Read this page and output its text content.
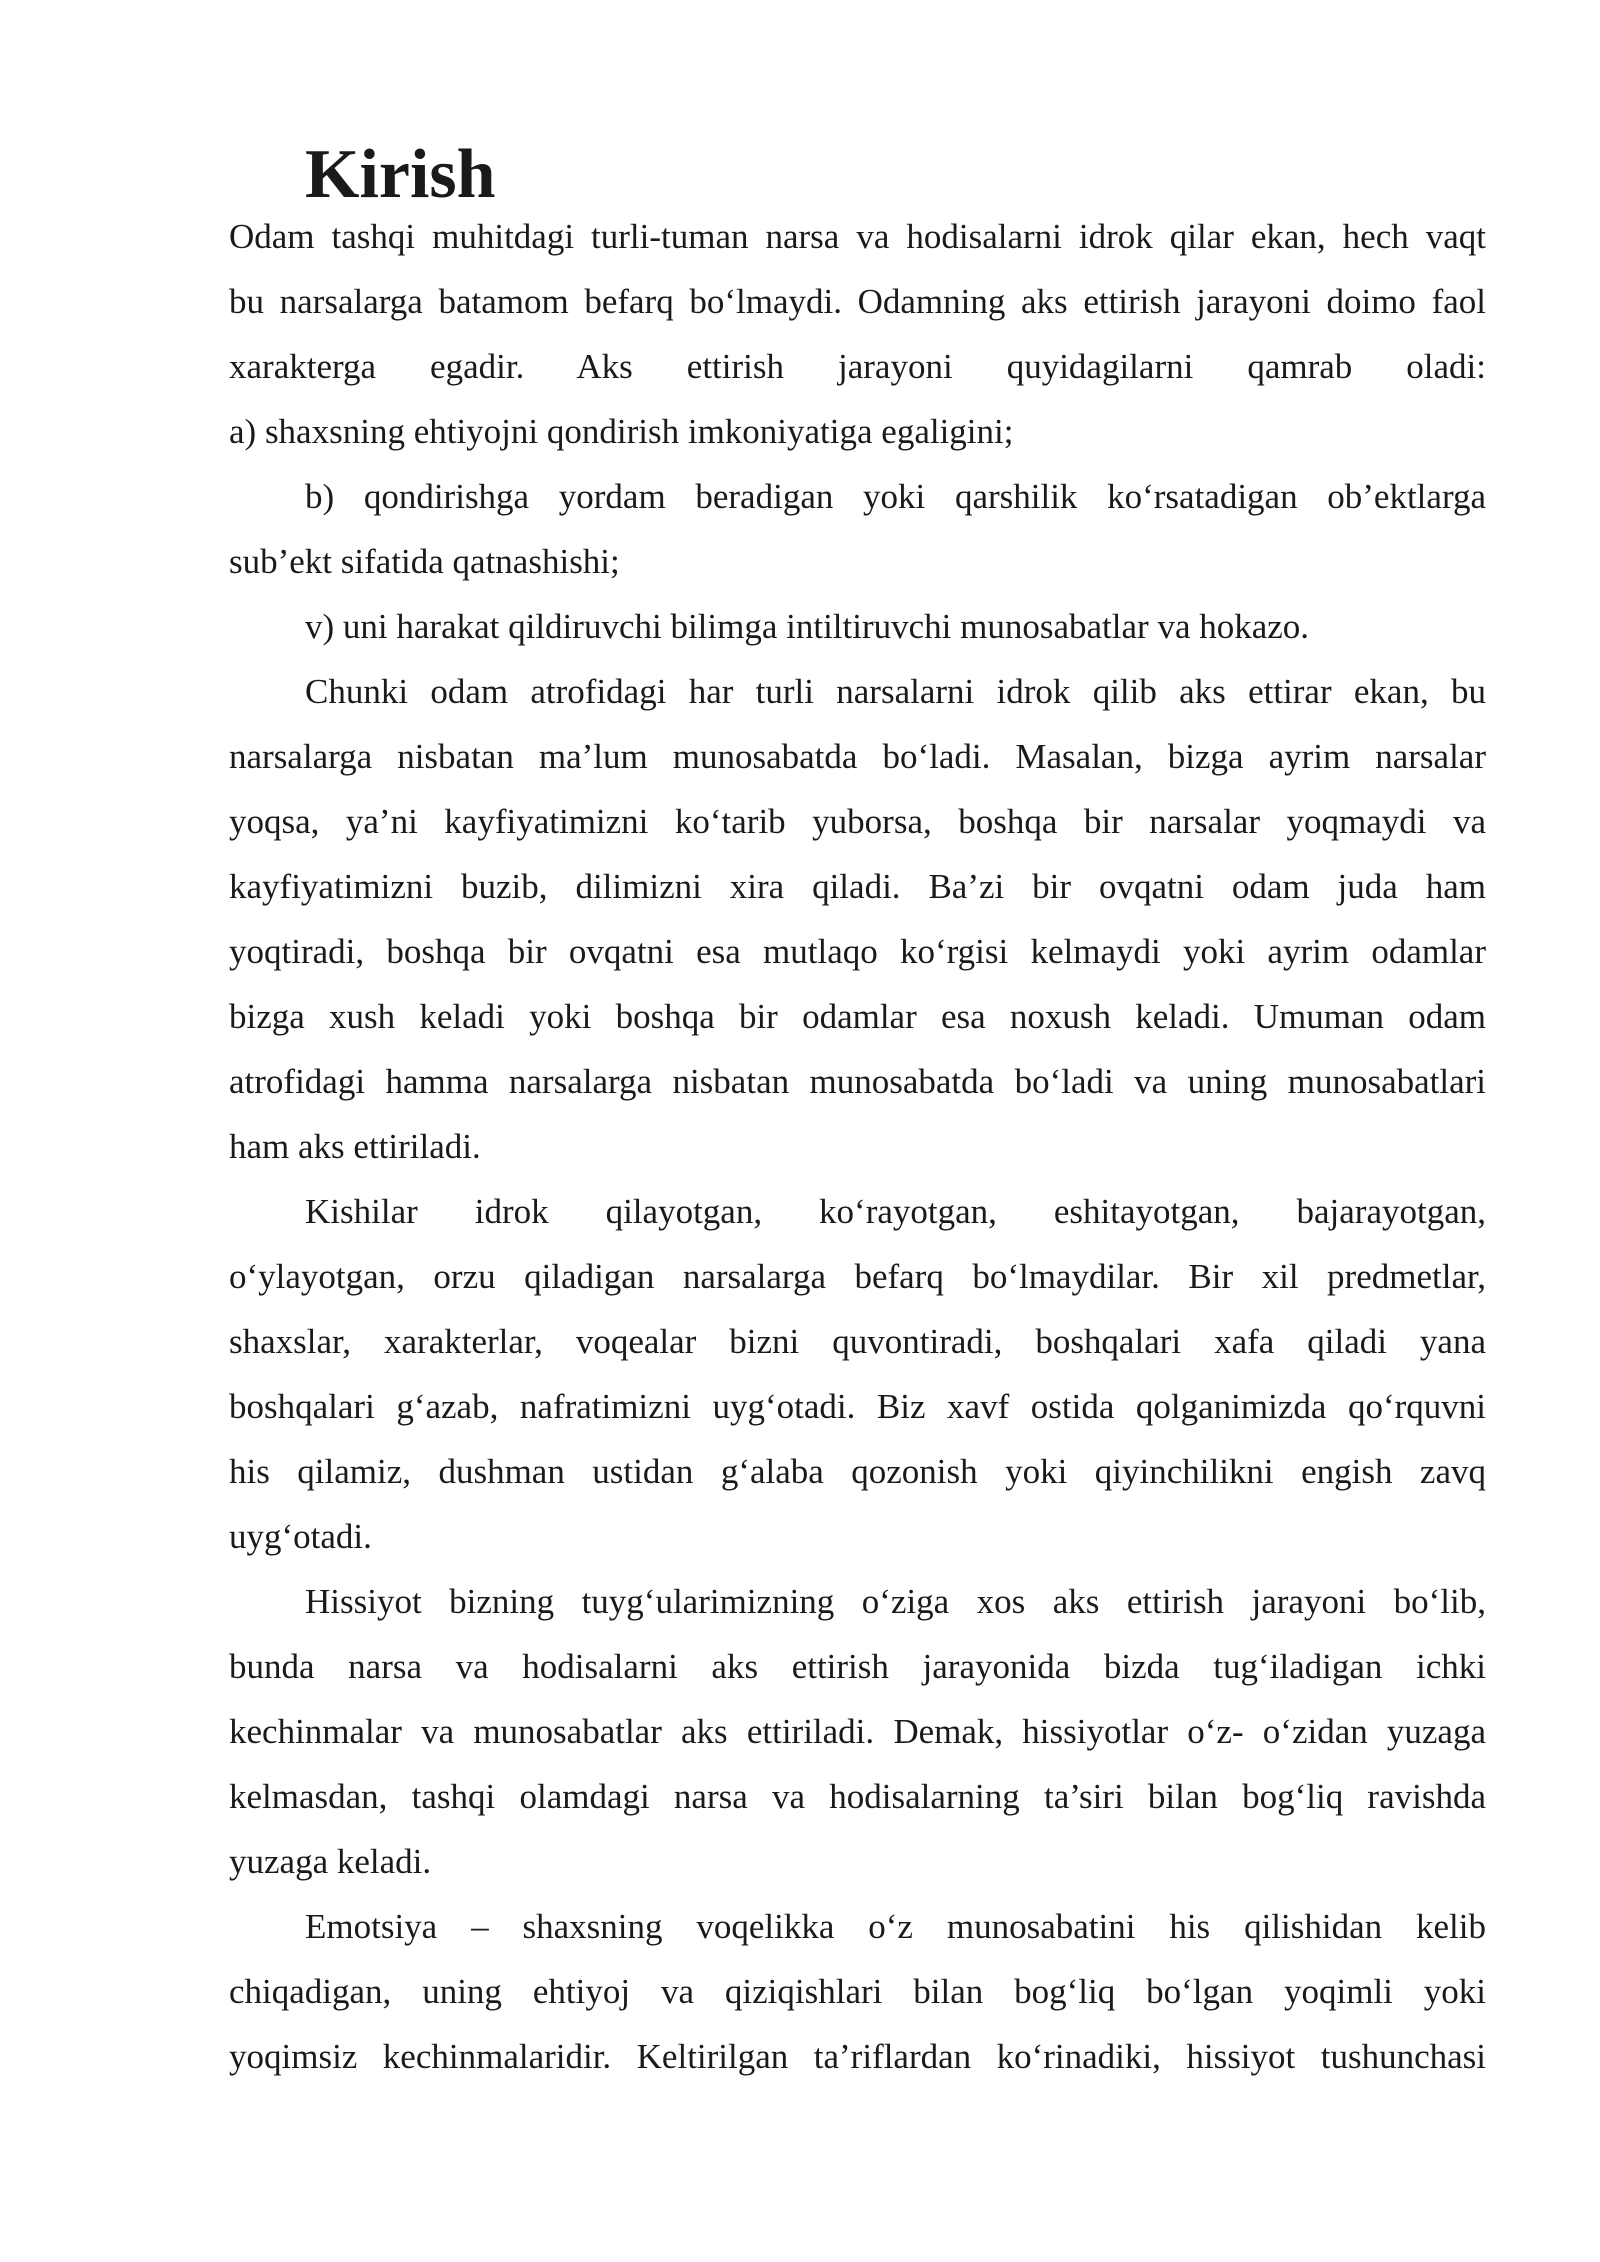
Kirish
Odam tashqi muhitdagi turli-tuman narsa va hodisalarni idrok qilar ekan, hech vaqt
bu narsalarga batamom befarq bo‘lmaydi. Odamning aks ettirish jarayoni doimo faol
xarakterga egadir. Aks ettirish jarayoni quyidagilarni qamrab oladi:
a) shaxsning ehtiyojni qondirish imkoniyatiga egaligini;
b) qondirishga yordam beradigan yoki qarshilik ko‘rsatadigan ob’ektlarga
sub’ekt sifatida qatnashishi;
v) uni harakat qildiruvchi bilimga intiltiruvchi munosabatlar va hokazo.
Chunki odam atrofidagi har turli narsalarni idrok qilib aks ettirar ekan, bu
narsalarga nisbatan ma’lum munosabatda bo‘ladi. Masalan, bizga ayrim narsalar
yoqsa, ya’ni kayfiyatimizni ko‘tarib yuborsa, boshqa bir narsalar yoqmaydi va
kayfiyatimizni buzib, dilimizni xira qiladi. Ba’zi bir ovqatni odam juda ham
yoqtiradi, boshqa bir ovqatni esa mutlaqo ko‘rgisi kelmaydi yoki ayrim odamlar
bizga xush keladi yoki boshqa bir odamlar esa noxush keladi. Umuman odam
atrofidagi hamma narsalarga nisbatan munosabatda bo‘ladi va uning munosabatlari
ham aks ettiriladi.
Kishilar idrok qilayotgan, ko‘rayotgan, eshitayotgan, bajarayotgan,
o‘ylayotgan, orzu qiladigan narsalarga befarq bo‘lmaydilar. Bir xil predmetlar,
shaxslar, xarakterlar, voqealar bizni quvontiradi, boshqalari xafa qiladi yana
boshqalari g‘azab, nafratimizni uyg‘otadi. Biz xavf ostida qolganimizda qo‘rquvni
his qilamiz, dushman ustidan g‘alaba qozonish yoki qiyinchilikni engish zavq
uyg‘otadi.
Hissiyot bizning tuyg‘ularimizning o‘ziga xos aks ettirish jarayoni bo‘lib,
bunda narsa va hodisalarni aks ettirish jarayonida bizda tug‘iladigan ichki
kechinmalar va munosabatlar aks ettiriladi. Demak, hissiyotlar o‘z- o‘zidan yuzaga
kelmasdan, tashqi olamdagi narsa va hodisalarning ta’siri bilan bog‘liq ravishda
yuzaga keladi.
Emotsiya – shaxsning voqelikka o‘z munosabatini his qilishidan kelib
chiqadigan, uning ehtiyoj va qiziqishlari bilan bog‘liq bo‘lgan yoqimli yoki
yoqimsiz kechinmalaridir. Keltirilgan ta’riflardan ko‘rinadiki, hissiyot tushunchasi
